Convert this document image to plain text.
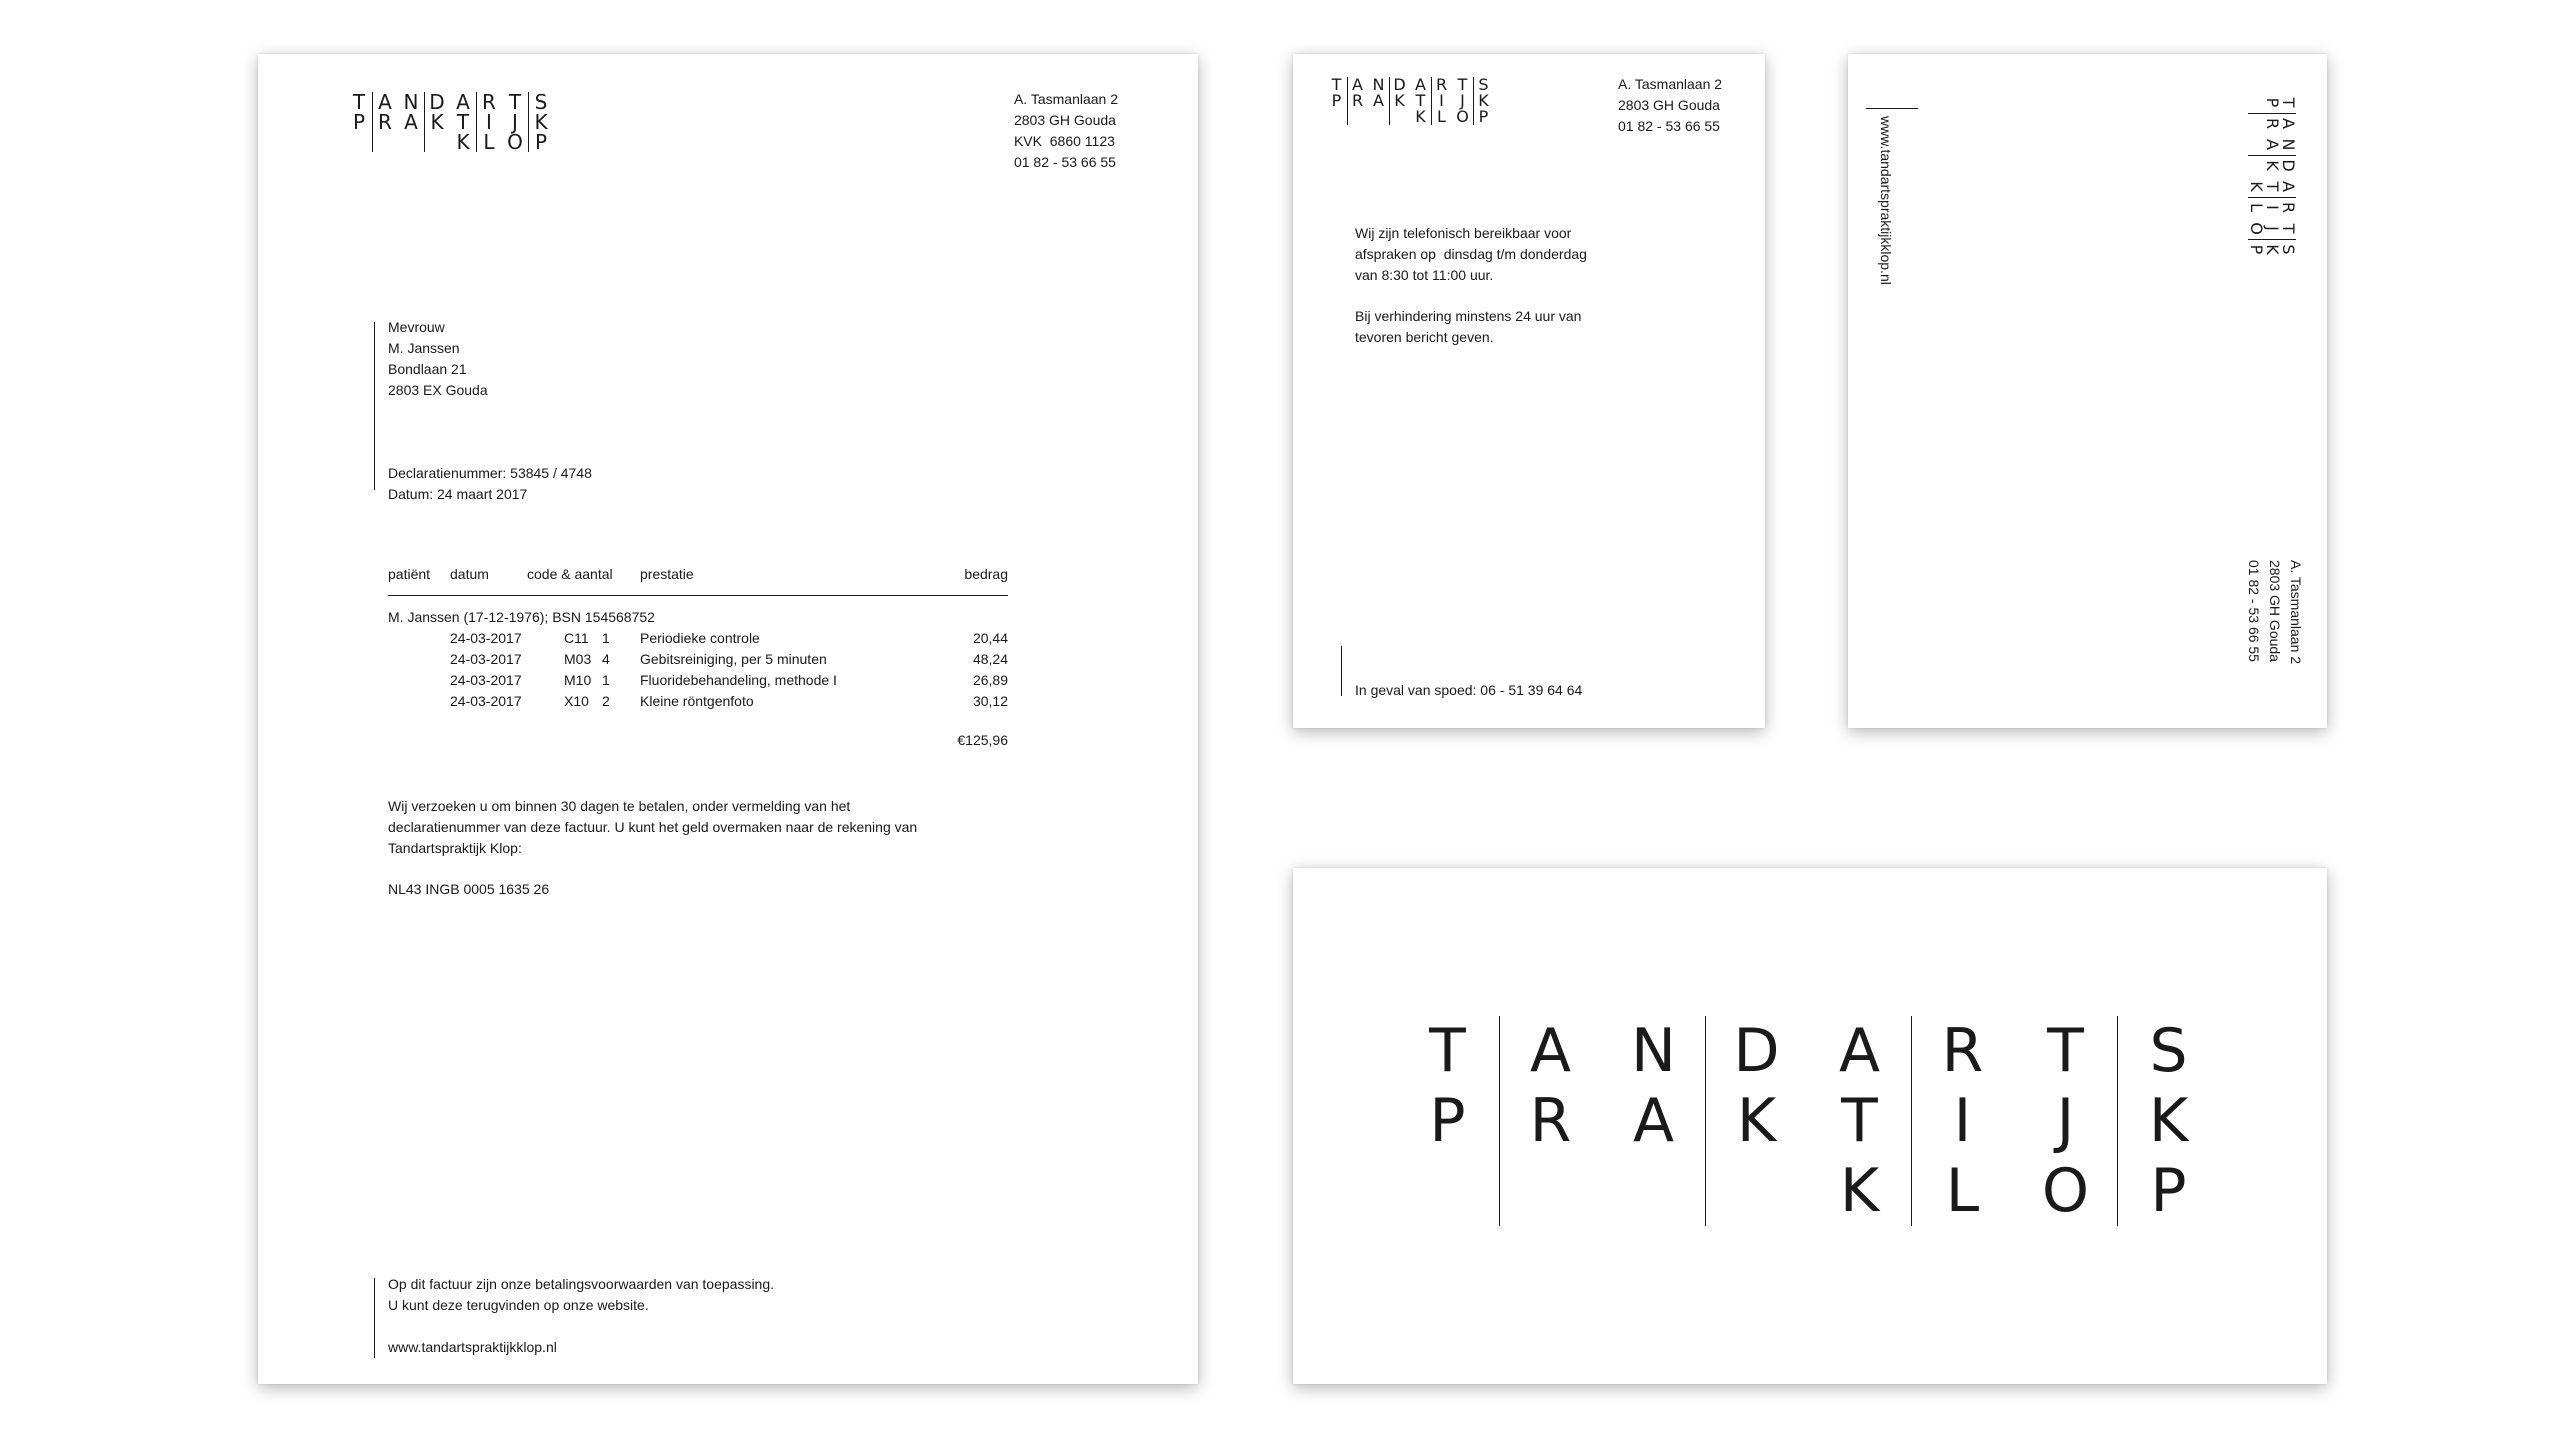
T
P

A
R

N
A

D
K

A
T
K
R
I
L
T
J
O
S
K
P
A. Tasmanlaan 2
2803 GH Gouda
KVK  6860 1123
01 82 - 53 66 55
Mevrouw
M. Janssen
Bondlaan 21
2803 EX Gouda
Declaratienummer: 53845 / 4748
Datum: 24 maart 2017
patiënt datum	code & aantal prestatie	bedrag
M. Janssen (17-12-1976); BSN 154568752
24-03-2017	C11 1 Periodieke controle	20,44
24-03-2017	M03 4 Gebitsreiniging, per 5 minuten	48,24
24-03-2017	M10 1 Fluoridebehandeling, methode I	26,89
24-03-2017	X10 2 Kleine röntgenfoto	30,12
€125,96
Wij verzoeken u om binnen 30 dagen te betalen, onder vermelding van het
declaratienummer van deze factuur. U kunt het geld overmaken naar de rekening van
Tandartspraktijk Klop:
NL43 INGB 0005 1635 26
Op dit factuur zijn onze betalingsvoorwaarden van toepassing.
U kunt deze terugvinden op onze website.
www.tandartspraktijkklop.nl
T
P

A
R

N
A

D
K

A
T
K
R
I
L
T
J
O
S
K
P
A. Tasmanlaan 2
2803 GH Gouda
01 82 - 53 66 55
Wij zijn telefonisch bereikbaar voor
afspraken op  dinsdag t/m donderdag
van 8:30 tot 11:00 uur.
Bij verhindering minstens 24 uur van
tevoren bericht geven.
In geval van spoed: 06 - 51 39 64 64
www.tandartspraktijkklop.nl
T
P

A
R

N
A

D
K

A
T
K
R
I
L
T
J
O
S
K
P
A. Tasmanlaan 2
2803 GH Gouda
01 82 - 53 66 55
T
P

A
R

N
A

D
K

A
T
K
R
I
L
T
J
O
S
K
P
